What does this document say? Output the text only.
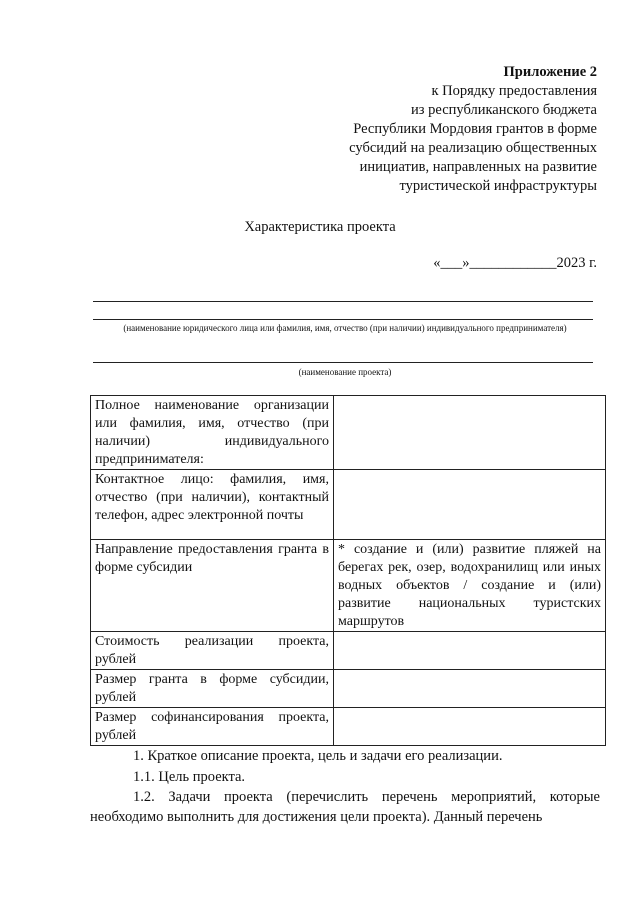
Приложение 2
к Порядку предоставления
из республиканского бюджета
Республики Мордовия грантов в форме
субсидий на реализацию общественных
инициатив, направленных на развитие
туристической инфраструктуры
Характеристика проекта
«___»____________2023 г.
(наименование юридического лица или фамилия, имя, отчество (при наличии) индивидуального предпринимателя)
(наименование проекта)
Полное наименование организации или фамилия, имя, отчество (при наличии) индивидуального предпринимателя:	
Контактное лицо: фамилия, имя, отчество (при наличии), контактный телефон, адрес электронной почты	
Направление предоставления гранта в форме субсидии	* создание и (или) развитие пляжей на берегах рек, озер, водохранилищ или иных водных объектов / создание и (или) развитие национальных туристских маршрутов
Стоимость реализации проекта, рублей	
Размер гранта в форме субсидии, рублей	
Размер софинансирования проекта, рублей	
1. Краткое описание проекта, цель и задачи его реализации.
1.1. Цель проекта.
1.2. Задачи проекта (перечислить перечень мероприятий, которые необходимо выполнить для достижения цели проекта). Данный перечень
